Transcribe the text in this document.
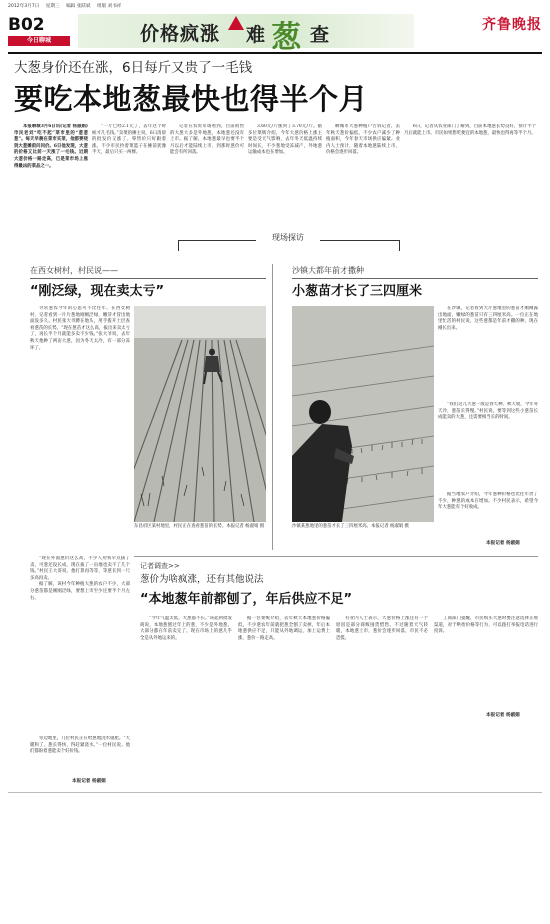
2012年3月7日 星期三 编辑 张跃斌 组版 刘书祥
B02
今日聊城	价格疯涨 难 葱 查	齐鲁晚报
大葱身价还在涨，6日每斤又贵了一毛钱
要吃本地葱最快也得半个月

本报聊城3月6日讯(记者 杨淑娟) 市民老刘“吃不起”菜市里的“葱葱葱”。每天早晨在菜市买菜，他都要绕到大葱摊前问问价。6日他发现，大葱的价格又比前一天涨了一毛钱。近期大葱价格一路走高，已是菜市场上涨得最凶的菜品之一。

“一斤已经2.1元了，去年这个时候才几毛钱。”卖菜的摊主说，6日清晨的批发价又涨了，零售价只好跟着涨。不少市民拎着菜篮子在摊前犹豫半天，最后只买一两棵。

记者在农贸市场看到，目前销售的大葱大多是外地葱，本地葱还没有上市。据了解，本地葱最早也要半个月以后才能陆续上市，到那时葱价可能会有所回落。

3.60元/斤涨到了3.70元/斤。据多位菜贩介绍，今年大葱价格上涨主要是受天气影响，去年冬天低温持续时间长，不少葱地受冻减产，外地葱运输成本也在增加。

聊城市大葱种植户告诉记者，去年秋天葱价偏低，不少农户减少了种植面积，今年春天市场供应偏紧。业内人士预计，随着本地葱陆续上市，价格会逐步回落。

6日，记者从农业部门了解到，目前本地葱长势良好，预计半个月后就能上市。市民如果想吃便宜的本地葱，最快也得再等半个月。

现场探访
在西女树村，村民说——
“刚泛绿，现在卖太亏”

寻常葱农今年的心思可不比往年。在西女树村，记者看到一片片葱地刚刚泛绿，嫩芽才冒出地面没多久。村民张大爷蹲在地头，用手拨开土层查看葱苗的长势。“现在葱苗才这么高，拔出来卖太亏了，再长半个月就能多卖不少钱。”张大爷说，去年秋天他种了两亩大葱，因为冬天太冷，有一部分冻坏了。

“现在外面葱价这么高，不少人劝我早点拔了卖，可葱还没长成，现在拔了一亩地也卖不了几个钱。”村民王大哥说，他打算再等等，等葱长到一尺多高再卖。

据了解，该村今年种植大葱的农户不少，大部分葱苗都是刚刚泛绿，要想上市至少还要半个月左右。

旁边地里，几位村民正在给葱地浇水施肥。“天暖和了，葱长得快，得赶紧浇水。”一位村民说。他们都盼着葱能卖个好价钱。

本报记者 杨淑娟
东昌府区某村地里，村民正在查看葱苗的长势。本报记者 杨淑娟 摄
沙镇大都年前才撒种
小葱苗才长了三四厘米
沙镇某葱地里的葱苗才长了三四厘米高。本报记者 杨淑娟 摄

在沙镇，记者看到大片葱地里的葱苗才刚刚露出地面，嫩绿的葱苗只有三四厘米高。一位正在地里忙活的村民说，这些葱都是年前才撒的种，现在刚长出来。

“我们这儿大葱一般是春天种，秋天收，今年冬天冷，葱苗长得慢。”村民说，要等到这些小葱苗长成能卖的大葱，还需要相当长的时间。

据当地农户介绍，今年葱种价格也比往年贵了不少，种葱的成本在增加。不少村民表示，希望今年大葱能有个好收成。

本报记者 杨淑娟
记者调查>>
葱价为啥疯涨，还有其他说法
“本地葱年前都刨了，年后供应不足”

“今年气温太低，大葱都不长。”该起初批发商说，本地葱刨过年上的葱，不少是外地葱，大部分都在年前卖完了。现在市场上的葱几乎全是从外地运来的。

据一位菜贩介绍，去年秋天本地葱价格偏低，不少葱农年前就把葱全刨了卖掉，年后本地葱供应不足，只能从外地调运，加上运费上涨，葱价一路走高。

有业内人士表示，大葱价格上涨还有一个原因是部分商贩囤货惜售。不过随着天气转暖，本地葱上市，葱价会逐步回落，市民不必恐慌。

工商部门提醒，市民购买大葱时要注意选择正规渠道，对于哄抬价格等行为，可以拨打举报电话进行投诉。

本报记者 杨淑娟
